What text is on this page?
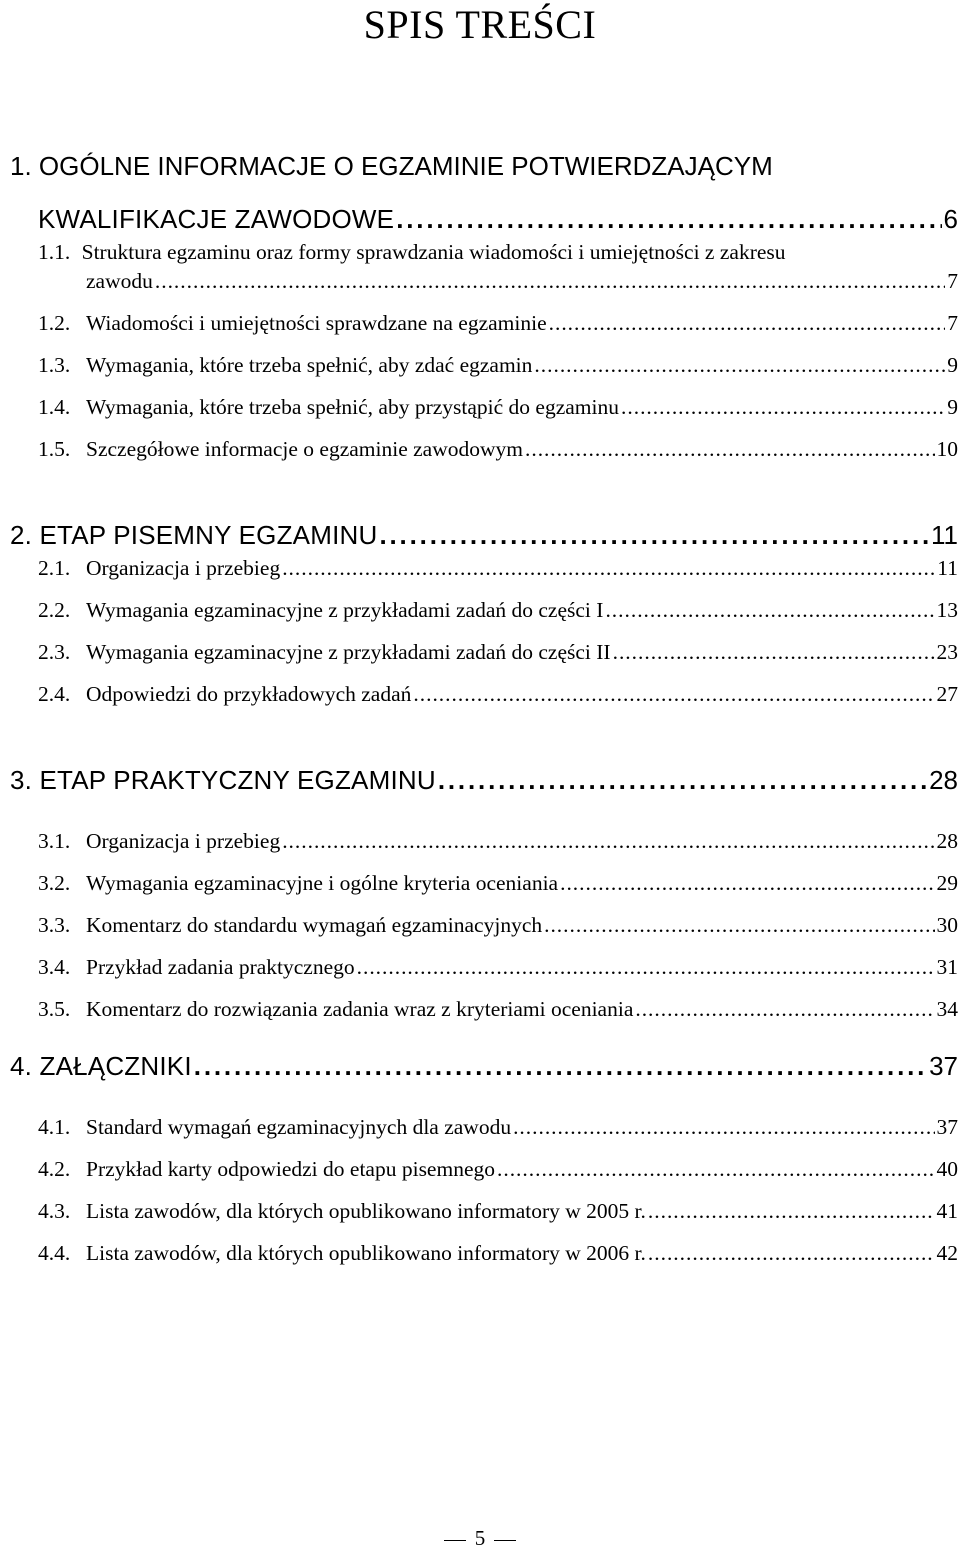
SPIS TREŚCI
1. OGÓLNE INFORMACJE O EGZAMINIE POTWIERDZAJĄCYM
KWALIFIKACJE ZAWODOWE . . .	6
1.1. Struktura egzaminu oraz formy sprawdzania wiadomości i umiejętności z zakresu
zawodu . . .	7
1.2. Wiadomości i umiejętności sprawdzane na egzaminie . . .	7
1.3. Wymagania, które trzeba spełnić, aby zdać egzamin . . .	9
1.4. Wymagania, które trzeba spełnić, aby przystąpić do egzaminu . . .	9
1.5. Szczegółowe informacje o egzaminie zawodowym . . .	10
2. ETAP PISEMNY EGZAMINU . . .	11
2.1. Organizacja i przebieg . . .	11
2.2. Wymagania egzaminacyjne z przykładami zadań do części I . . .	13
2.3. Wymagania egzaminacyjne z przykładami zadań do części II . . .	23
2.4. Odpowiedzi do przykładowych zadań . . .	27
3. ETAP PRAKTYCZNY EGZAMINU . . .	28
3.1. Organizacja i przebieg . . .	28
3.2. Wymagania egzaminacyjne i ogólne kryteria oceniania . . .	29
3.3. Komentarz do standardu wymagań egzaminacyjnych . . .	30
3.4. Przykład zadania praktycznego . . .	31
3.5. Komentarz do rozwiązania zadania wraz z kryteriami oceniania . . .	34
4. ZAŁĄCZNIKI . . .	37
4.1. Standard wymagań egzaminacyjnych dla zawodu . . .	37
4.2. Przykład karty odpowiedzi do etapu pisemnego . . .	40
4.3. Lista zawodów, dla których opublikowano informatory w 2005 r. . . .	41
4.4. Lista zawodów, dla których opublikowano informatory w 2006 r. . . .	42
5
